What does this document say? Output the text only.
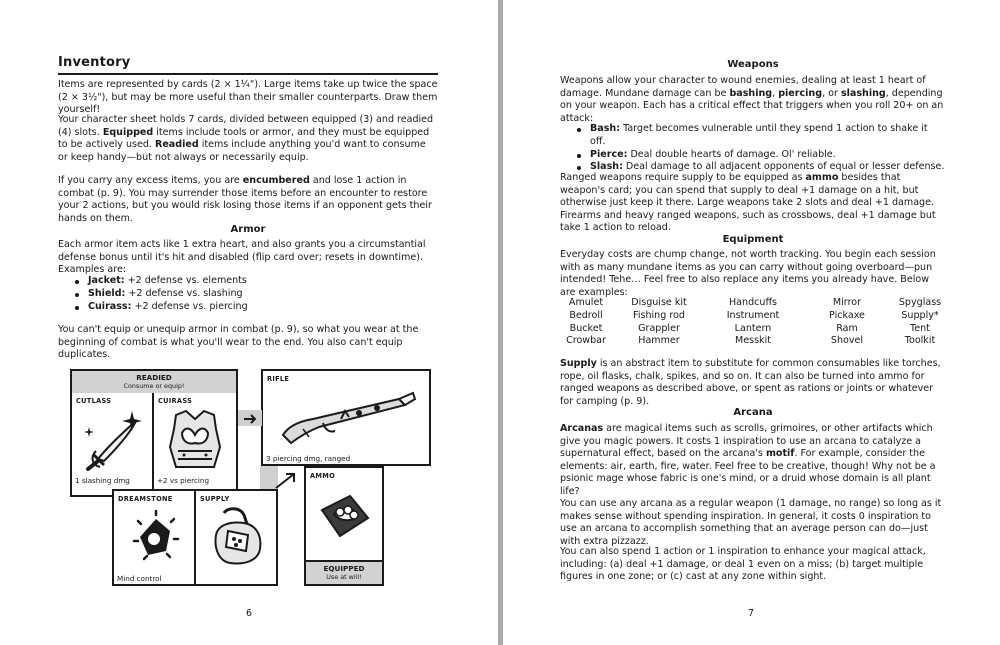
Inventory

Items are represented by cards (2 × 1¼"). Large items take up twice the space (2 × 3½"), but may be more useful than their smaller counterparts. Draw them yourself!

Your character sheet holds 7 cards, divided between equipped (3) and readied (4) slots. Equipped items include tools or armor, and they must be equipped to be actively used. Readied items include anything you'd want to consume or keep handy—but not always or necessarily equip.

If you carry any excess items, you are encumbered and lose 1 action in combat (p. 9). You may surrender those items before an encounter to restore your 2 actions, but you would risk losing those items if an opponent gets their hands on them.

Armor

Each armor item acts like 1 extra heart, and also grants you a circumstantial defense bonus until it's hit and disabled (flip card over; resets in downtime). Examples are:

Jacket: +2 defense vs. elements
Shield: +2 defense vs. slashing
Cuirass: +2 defense vs. piercing

You can't equip or unequip armor in combat (p. 9), so what you wear at the beginning of combat is what you'll wear to the end. You also can't equip duplicates.

READIED
Consume or equip!
CUTLASS
1 slashing dmg
CUIRASS
+2 vs piercing
RIFLE
3 piercing dmg, ranged
DREAMSTONE
Mind control
SUPPLY
AMMO
EQUIPPED
Use at will!
6
Weapons

Weapons allow your character to wound enemies, dealing at least 1 heart of damage. Mundane damage can be bashing, piercing, or slashing, depending on your weapon. Each has a critical effect that triggers when you roll 20+ on an attack:

Bash: Target becomes vulnerable until they spend 1 action to shake it off.
Pierce: Deal double hearts of damage. Ol' reliable.
Slash: Deal damage to all adjacent opponents of equal or lesser defense.

Ranged weapons require supply to be equipped as ammo besides that weapon's card; you can spend that supply to deal +1 damage on a hit, but otherwise just keep it there. Large weapons take 2 slots and deal +1 damage. Firearms and heavy ranged weapons, such as crossbows, deal +1 damage but take 1 action to reload.

Equipment

Everyday costs are chump change, not worth tracking. You begin each session with as many mundane items as you can carry without going overboard—pun intended! Tehe… Feel free to also replace any items you already have. Below are examples:

Amulet	Disguise kit	Handcuffs	Mirror	Spyglass
Bedroll	Fishing rod	Instrument	Pickaxe	Supply*
Bucket	Grappler	Lantern	Ram	Tent
Crowbar	Hammer	Messkit	Shovel	Toolkit

Supply is an abstract item to substitute for common consumables like torches, rope, oil flasks, chalk, spikes, and so on. It can also be turned into ammo for ranged weapons as described above, or spent as rations or joints or whatever for camping (p. 9).

Arcana

Arcanas are magical items such as scrolls, grimoires, or other artifacts which give you magic powers. It costs 1 inspiration to use an arcana to catalyze a supernatural effect, based on the arcana's motif. For example, consider the elements: air, earth, fire, water. Feel free to be creative, though! Why not be a psionic mage whose fabric is one's mind, or a druid whose domain is all plant life?

You can use any arcana as a regular weapon (1 damage, no range) so long as it makes sense without spending inspiration. In general, it costs 0 inspiration to use an arcana to accomplish something that an average person can do—just with extra pizzazz.

You can also spend 1 action or 1 inspiration to enhance your magical attack, including: (a) deal +1 damage, or deal 1 even on a miss; (b) target multiple figures in one zone; or (c) cast at any zone within sight.

7
